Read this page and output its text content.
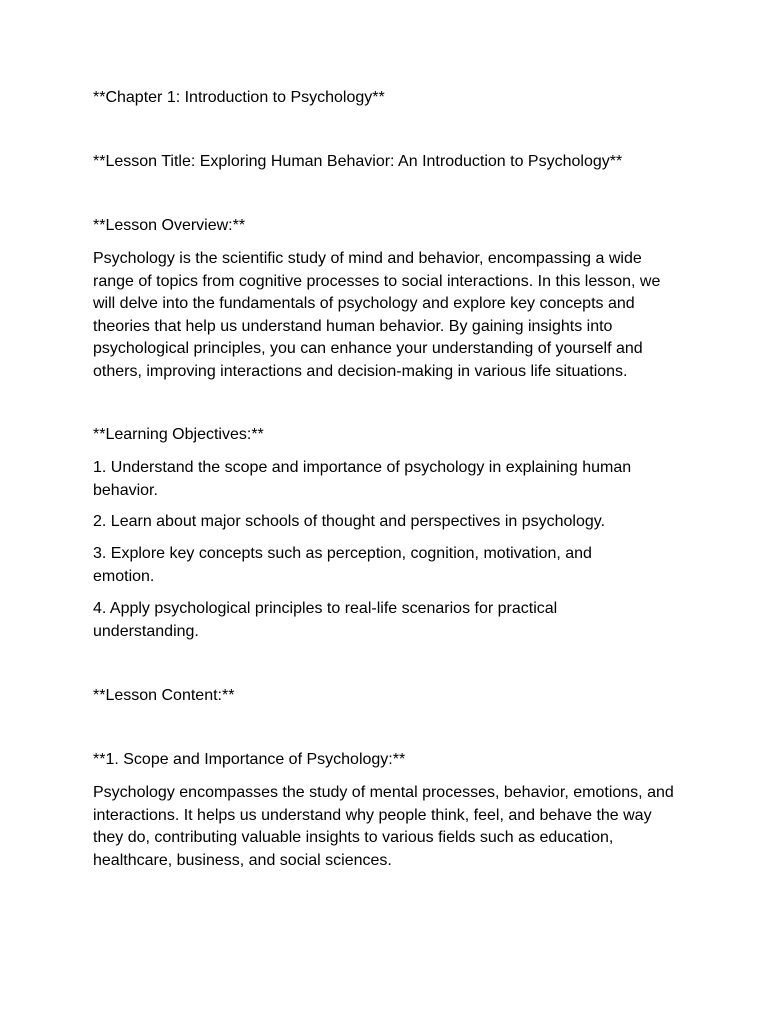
**Chapter 1: Introduction to Psychology**
**Lesson Title: Exploring Human Behavior: An Introduction to Psychology**
**Lesson Overview:**
Psychology is the scientific study of mind and behavior, encompassing a wide range of topics from cognitive processes to social interactions. In this lesson, we will delve into the fundamentals of psychology and explore key concepts and theories that help us understand human behavior. By gaining insights into psychological principles, you can enhance your understanding of yourself and others, improving interactions and decision-making in various life situations.
**Learning Objectives:**
1. Understand the scope and importance of psychology in explaining human behavior.
2. Learn about major schools of thought and perspectives in psychology.
3. Explore key concepts such as perception, cognition, motivation, and emotion.
4. Apply psychological principles to real-life scenarios for practical understanding.
**Lesson Content:**
**1. Scope and Importance of Psychology:**
Psychology encompasses the study of mental processes, behavior, emotions, and interactions. It helps us understand why people think, feel, and behave the way they do, contributing valuable insights to various fields such as education, healthcare, business, and social sciences.
